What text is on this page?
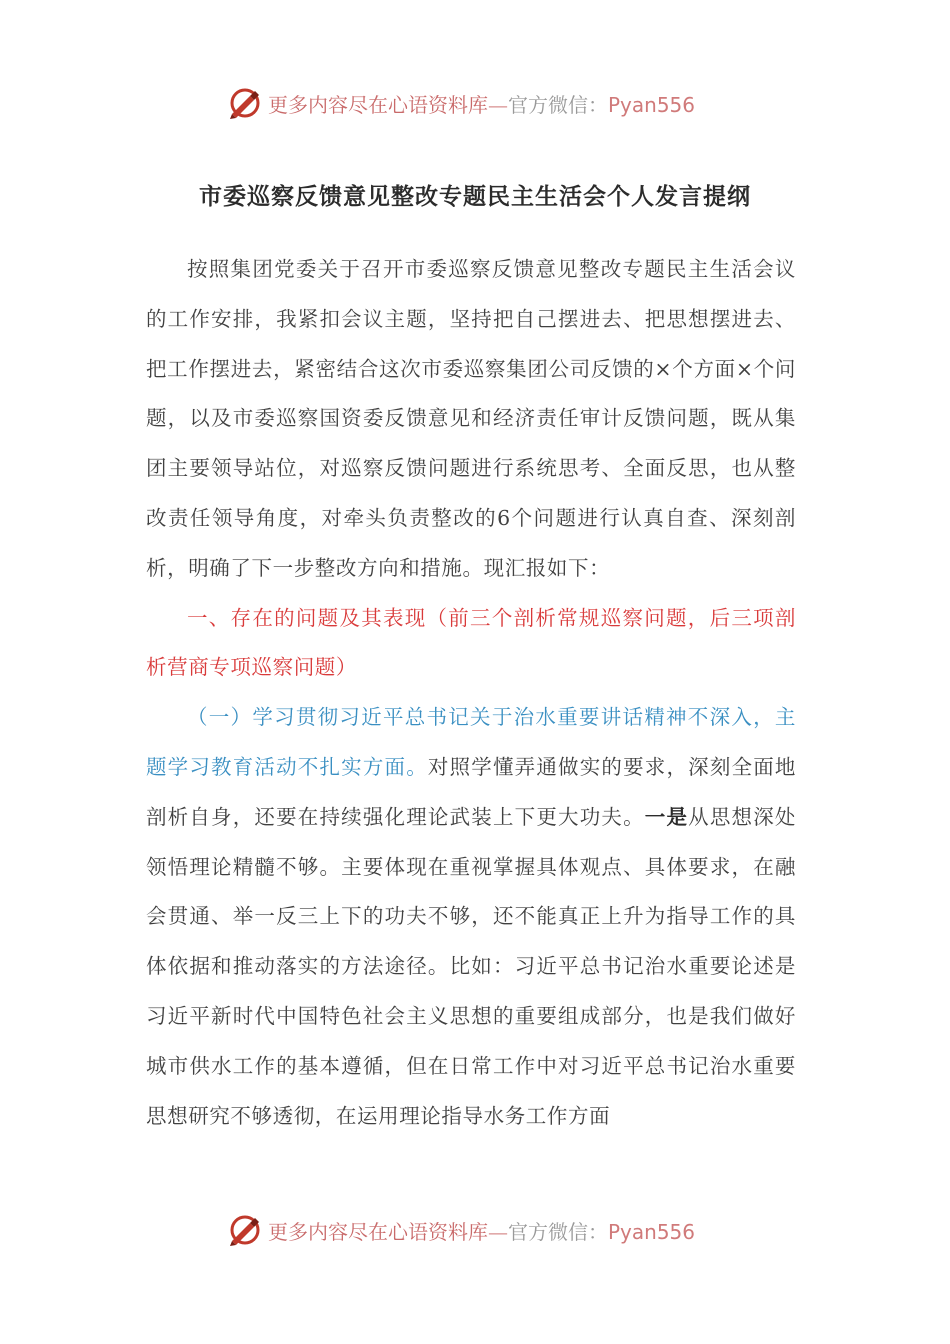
更多内容尽在心语资料库—官方微信：Pyan556
市委巡察反馈意见整改专题民主生活会个人发言提纲

按照集团党委关于召开市委巡察反馈意见整改专题民主生活会议的工作安排，我紧扣会议主题，坚持把自己摆进去、把思想摆进去、把工作摆进去，紧密结合这次市委巡察集团公司反馈的×个方面×个问题，以及市委巡察国资委反馈意见和经济责任审计反馈问题，既从集团主要领导站位，对巡察反馈问题进行系统思考、全面反思，也从整改责任领导角度，对牵头负责整改的6个问题进行认真自查、深刻剖析，明确了下一步整改方向和措施。现汇报如下：

一、存在的问题及其表现（前三个剖析常规巡察问题，后三项剖析营商专项巡察问题）

（一）学习贯彻习近平总书记关于治水重要讲话精神不深入，主题学习教育活动不扎实方面。对照学懂弄通做实的要求，深刻全面地剖析自身，还要在持续强化理论武装上下更大功夫。一是从思想深处领悟理论精髓不够。主要体现在重视掌握具体观点、具体要求，在融会贯通、举一反三上下的功夫不够，还不能真正上升为指导工作的具体依据和推动落实的方法途径。比如：习近平总书记治水重要论述是习近平新时代中国特色社会主义思想的重要组成部分，也是我们做好城市供水工作的基本遵循，但在日常工作中对习近平总书记治水重要思想研究不够透彻，在运用理论指导水务工作方面

更多内容尽在心语资料库—官方微信：Pyan556
